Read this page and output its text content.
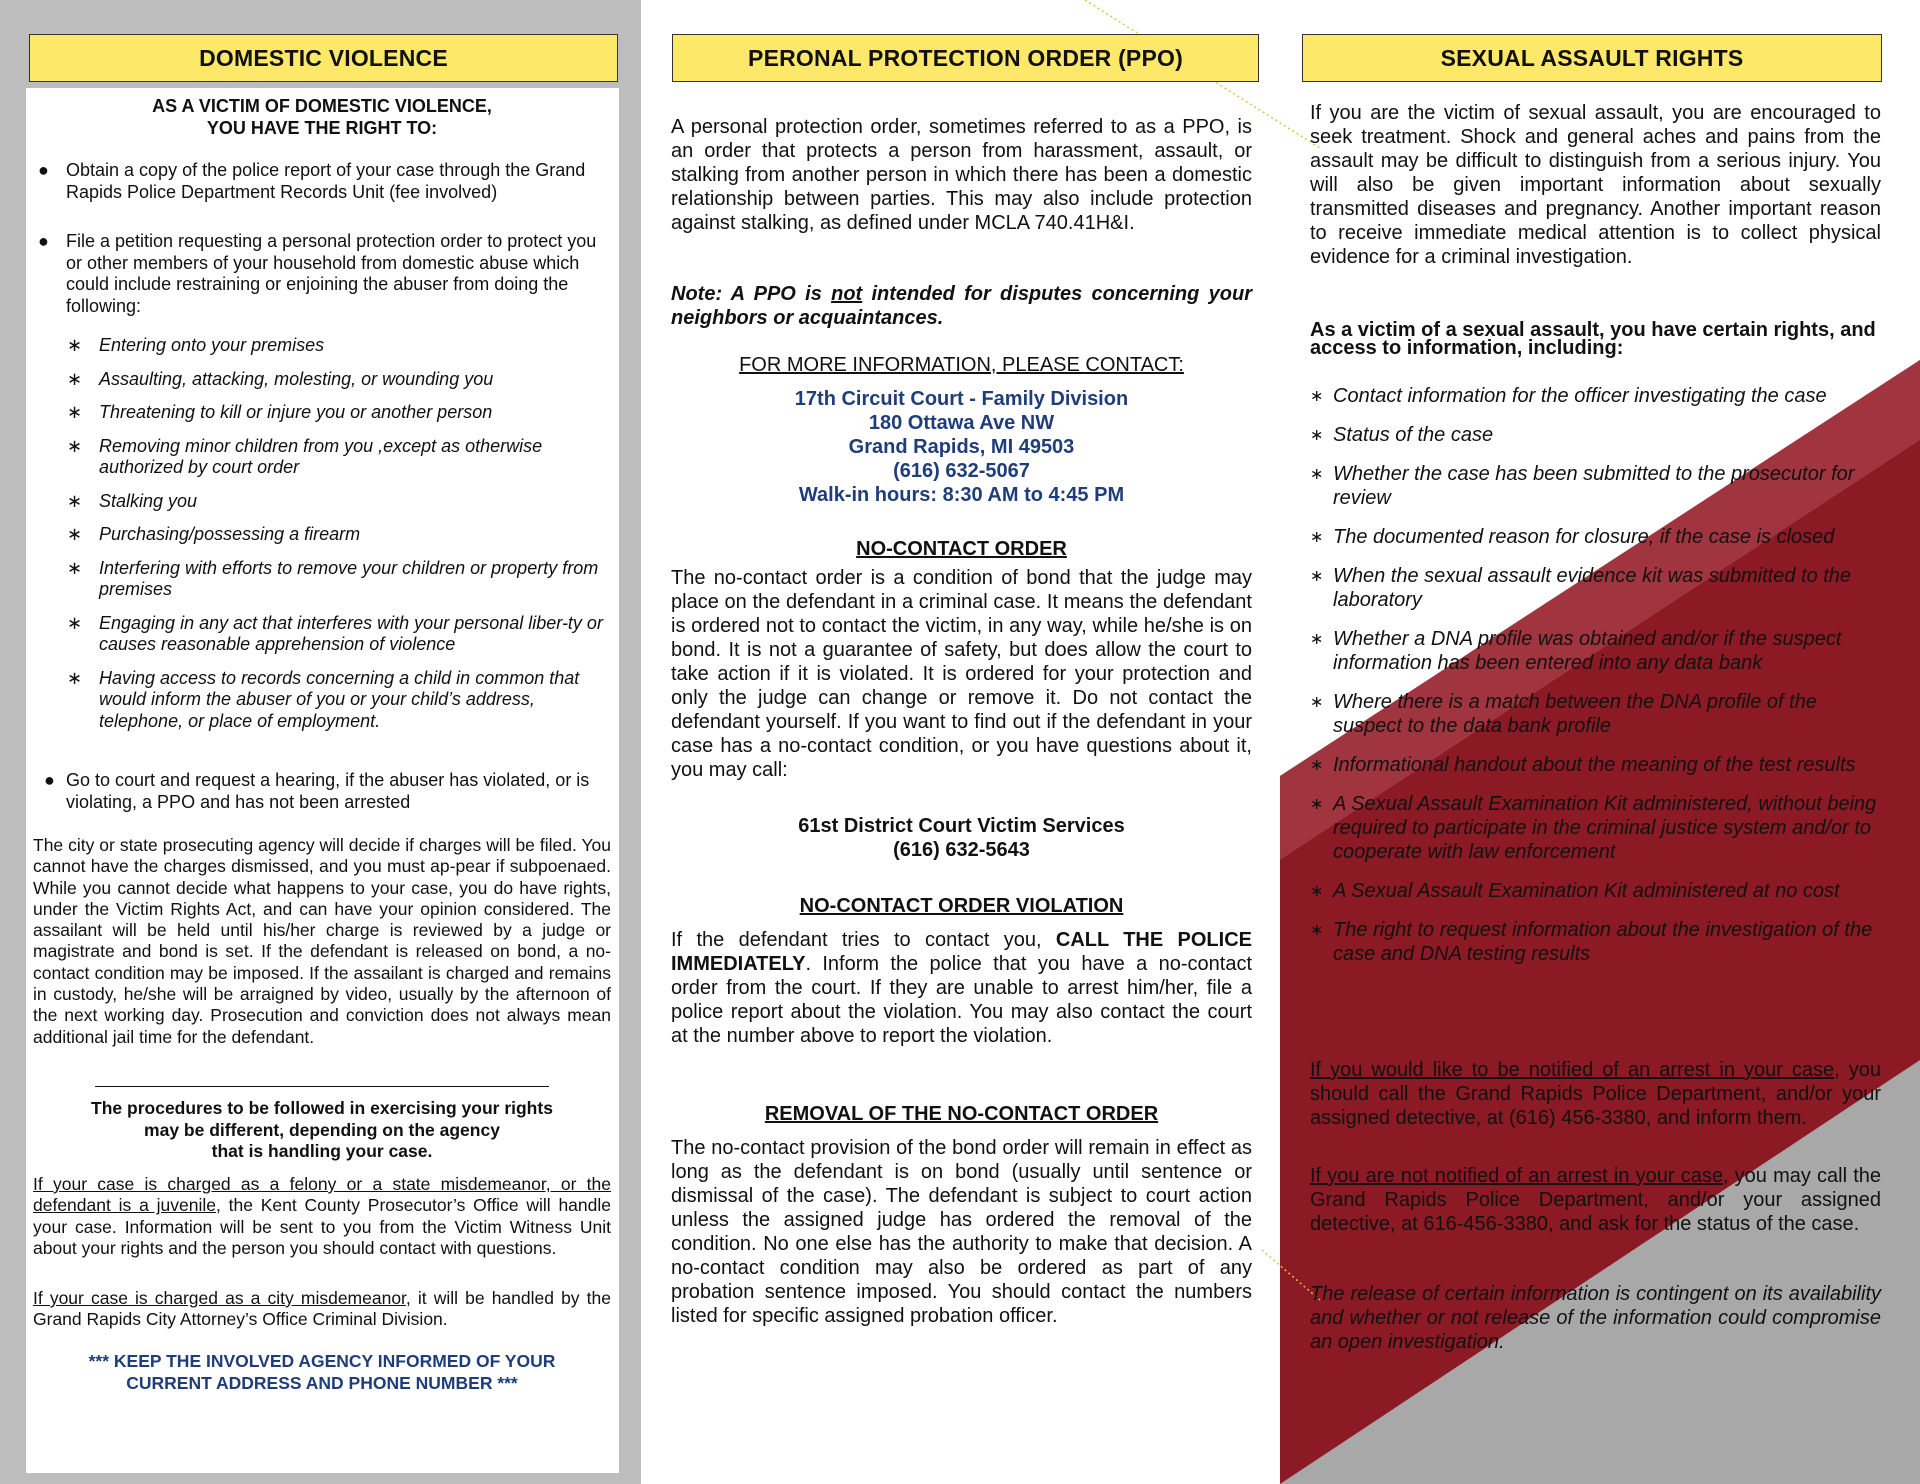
DOMESTIC VIOLENCE
AS A VICTIM OF DOMESTIC VIOLENCE,
YOU HAVE THE RIGHT TO:
● Obtain a copy of the police report of your case through the Grand Rapids Police Department Records Unit (fee involved)
● File a petition requesting a personal protection order to protect you or other members of your household from domestic abuse which could include restraining or enjoining the abuser from doing the following:
∗ Entering onto your premises
∗ Assaulting, attacking, molesting, or wounding you
∗ Threatening to kill or injure you or another person
∗ Removing minor children from you ,except as otherwise authorized by court order
∗ Stalking you
∗ Purchasing/possessing a firearm
∗ Interfering with efforts to remove your children or property from premises
∗ Engaging in any act that interferes with your personal liber-ty or causes reasonable apprehension of violence
∗ Having access to records concerning a child in common that would inform the abuser of you or your child’s address, telephone, or place of employment.
● Go to court and request a hearing, if the abuser has violated, or is violating, a PPO and has not been arrested
The city or state prosecuting agency will decide if charges will be filed. You cannot have the charges dismissed, and you must ap-pear if subpoenaed. While you cannot decide what happens to your case, you do have rights, under the Victim Rights Act, and can have your opinion considered. The assailant will be held until his/her charge is reviewed by a judge or magistrate and bond is set. If the defendant is released on bond, a no-contact condition may be imposed. If the assailant is charged and remains in custody, he/she will be arraigned by video, usually by the afternoon of the next working day. Prosecution and conviction does not always mean additional jail time for the defendant.
The procedures to be followed in exercising your rights
may be different, depending on the agency
that is handling your case.
If your case is charged as a felony or a state misdemeanor, or the defendant is a juvenile, the Kent County Prosecutor’s Office will handle your case. Information will be sent to you from the Victim Witness Unit about your rights and the person you should contact with questions.
If your case is charged as a city misdemeanor, it will be handled by the Grand Rapids City Attorney’s Office Criminal Division.
*** KEEP THE INVOLVED AGENCY INFORMED OF YOUR
CURRENT ADDRESS AND PHONE NUMBER ***
PERONAL PROTECTION ORDER (PPO)
A personal protection order, sometimes referred to as a PPO, is an order that protects a person from harassment, assault, or stalking from another person in which there has been a domestic relationship between parties. This may also include protection against stalking, as defined under MCLA 740.41H&I.
Note: A PPO is not intended for disputes concerning your neighbors or acquaintances.
FOR MORE INFORMATION, PLEASE CONTACT:
17th Circuit Court - Family Division
180 Ottawa Ave NW
Grand Rapids, MI 49503
(616) 632-5067
Walk-in hours: 8:30 AM to 4:45 PM
NO-CONTACT ORDER
The no-contact order is a condition of bond that the judge may place on the defendant in a criminal case. It means the defendant is ordered not to contact the victim, in any way, while he/she is on bond. It is not a guarantee of safety, but does allow the court to take action if it is violated. It is ordered for your protection and only the judge can change or remove it. Do not contact the defendant yourself. If you want to find out if the defendant in your case has a no-contact condition, or you have questions about it, you may call:
61st District Court Victim Services
(616) 632-5643
NO-CONTACT ORDER VIOLATION
If the defendant tries to contact you, CALL THE POLICE IMMEDIATELY. Inform the police that you have a no-contact order from the court. If they are unable to arrest him/her, file a police report about the violation. You may also contact the court at the number above to report the violation.
REMOVAL OF THE NO-CONTACT ORDER
The no-contact provision of the bond order will remain in effect as long as the defendant is on bond (usually until sentence or dismissal of the case). The defendant is subject to court action unless the assigned judge has ordered the removal of the condition. No one else has the authority to make that decision. A no-contact condition may also be ordered as part of any probation sentence imposed. You should contact the numbers listed for specific assigned probation officer.
SEXUAL ASSAULT RIGHTS
If you are the victim of sexual assault, you are encouraged to seek treatment. Shock and general aches and pains from the assault may be difficult to distinguish from a serious injury. You will also be given important information about sexually transmitted diseases and pregnancy. Another important reason to receive immediate medical attention is to collect physical evidence for a criminal investigation.
As a victim of a sexual assault, you have certain rights, and access to information, including:
∗ Contact information for the officer investigating the case
∗ Status of the case
∗ Whether the case has been submitted to the prosecutor for review
∗ The documented reason for closure, if the case is closed
∗ When the sexual assault evidence kit was submitted to the laboratory
∗ Whether a DNA profile was obtained and/or if the suspect information has been entered into any data bank
∗ Where there is a match between the DNA profile of the suspect to the data bank profile
∗ Informational handout about the meaning of the test results
∗ A Sexual Assault Examination Kit administered, without being required to participate in the criminal justice system and/or to cooperate with law enforcement
∗ A Sexual Assault Examination Kit administered at no cost
∗ The right to request information about the investigation of the case and DNA testing results
If you would like to be notified of an arrest in your case, you should call the Grand Rapids Police Department, and/or your assigned detective, at (616) 456-3380, and inform them.
If you are not notified of an arrest in your case, you may call the Grand Rapids Police Department, and/or your assigned detective, at 616-456-3380, and ask for the status of the case.
The release of certain information is contingent on its availability and whether or not release of the information could compromise an open investigation.
